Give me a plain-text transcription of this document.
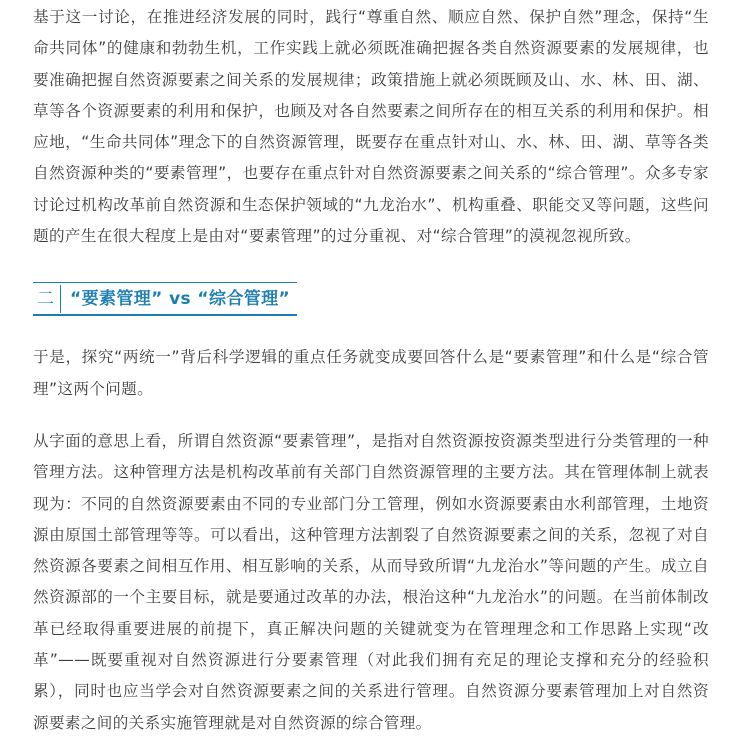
基于这一讨论，在推进经济发展的同时，践行“尊重自然、顺应自然、保护自然”理念，保持“生命共同体”的健康和勃勃生机，工作实践上就必须既准确把握各类自然资源要素的发展规律，也要准确把握自然资源要素之间关系的发展规律；政策措施上就必须既顾及山、水、林、田、湖、草等各个资源要素的利用和保护，也顾及对各自然要素之间所存在的相互关系的利用和保护。相应地，“生命共同体”理念下的自然资源管理，既要存在重点针对山、水、林、田、湖、草等各类自然资源种类的“要素管理”，也要存在重点针对自然资源要素之间关系的“综合管理”。众多专家讨论过机构改革前自然资源和生态保护领域的“九龙治水”、机构重叠、职能交叉等问题，这些问题的产生在很大程度上是由对“要素管理”的过分重视、对“综合管理”的漠视忽视所致。

二 “要素管理” vs “综合管理”

于是，探究“两统一”背后科学逻辑的重点任务就变成要回答什么是“要素管理”和什么是“综合管理”这两个问题。

从字面的意思上看，所谓自然资源“要素管理”，是指对自然资源按资源类型进行分类管理的一种管理方法。这种管理方法是机构改革前有关部门自然资源管理的主要方法。其在管理体制上就表现为：不同的自然资源要素由不同的专业部门分工管理，例如水资源要素由水利部管理，土地资源由原国土部管理等等。可以看出，这种管理方法割裂了自然资源要素之间的关系，忽视了对自然资源各要素之间相互作用、相互影响的关系，从而导致所谓“九龙治水”等问题的产生。成立自然资源部的一个主要目标，就是要通过改革的办法，根治这种“九龙治水”的问题。在当前体制改革已经取得重要进展的前提下，真正解决问题的关键就变为在管理理念和工作思路上实现“改革”——既要重视对自然资源进行分要素管理（对此我们拥有充足的理论支撑和充分的经验积累），同时也应当学会对自然资源要素之间的关系进行管理。自然资源分要素管理加上对自然资源要素之间的关系实施管理就是对自然资源的综合管理。
